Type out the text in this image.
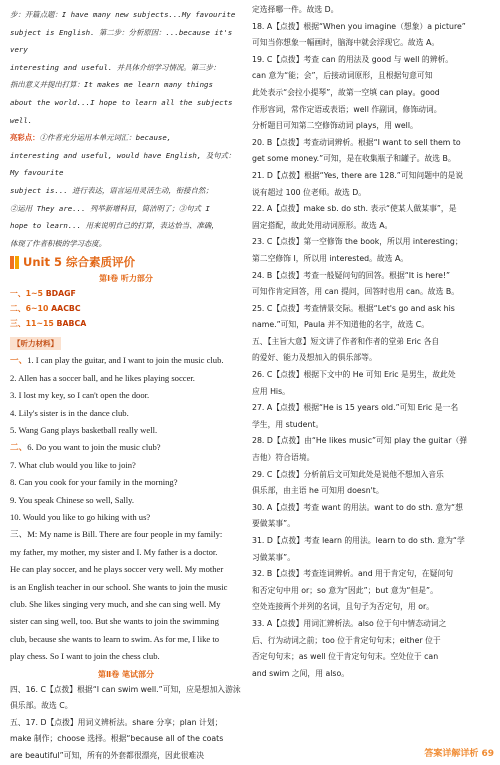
步：开篇点题：I have many new subjects...My favourite

subject is English. 第二步：分析原因：...because it's very

interesting and useful. 并具体介绍学习情况。第三步：

指出意义并提出打算：It makes me learn many things

about the world...I hope to learn all the subjects well.

亮彩点：①作者充分运用本单元词汇：because,

interesting and useful, would have English, 及句式：My favourite

subject is... 进行表达，语言运用灵活生动，衔接自然；

②运用 They are... 列举新增科目，简洁明了；③句式 I

hope to learn... 用来说明自己的打算，表达恰当、准确，

体现了作者积极的学习态度。

Unit 5 综合素质评价
第Ⅰ卷 听力部分
一、1~5 BDAGF
二、6~10 AACBC
三、11~15 BABCA
【听力材料】

一、1. I can play the guitar, and I want to join the music club.

2. Allen has a soccer ball, and he likes playing soccer.

3. I lost my key, so I can't open the door.

4. Lily's sister is in the dance club.

5. Wang Gang plays basketball really well.

二、6. Do you want to join the music club?

7. What club would you like to join?

8. Can you cook for your family in the morning?

9. You speak Chinese so well, Sally.

10. Would you like to go hiking with us?

三、M: My name is Bill. There are four people in my family:

my father, my mother, my sister and I. My father is a doctor.

He can play soccer, and he plays soccer very well. My mother

is an English teacher in our school. She wants to join the music

club. She likes singing very much, and she can sing well. My

sister can sing well, too. But she wants to join the swimming

club, because she wants to learn to swim. As for me, I like to

play chess. So I want to join the chess club.

第Ⅱ卷 笔试部分

四、16. C【点拨】根据“I can swim well.”可知，应是想加入游泳俱乐部。故选 C。

五、17. D【点拨】用词义辨析法。share 分享；plan 计划；

make 制作；choose 选择。根据“because all of the coats

are beautiful”可知，所有的外套都很漂亮，因此很难决

定选择哪一件。故选 D。

18. A【点拨】根据“When you imagine（想象）a picture”

可知当你想象一幅画时，脑海中就会浮现它。故选 A。

19. C【点拨】考查 can 的用法及 good 与 well 的辨析。

can 意为“能；会”，后接动词原形，且根据句意可知

此处表示“会拉小提琴”，故第一空填 can play。good

作形容词，常作定语或表语；well 作副词，修饰动词。

分析题目可知第二空修饰动词 plays，用 well。

20. B【点拨】考查动词辨析。根据“I want to sell them to

get some money.”可知，是在收集瓶子和罐子。故选 B。

21. D【点拨】根据“Yes, there are 128.”可知问题中的是说

说有超过 100 位老师。故选 D。

22. A【点拨】make sb. do sth. 表示“使某人做某事”，是

固定搭配，故此处用动词原形。故选 A。

23. C【点拨】第一空修饰 the book，所以用 interesting；

第二空修饰 I，所以用 interested。故选 A。

24. B【点拨】考查一般疑问句的回答。根据“It is here!”

可知作肯定回答，用 can 提问，回答时也用 can。故选 B。

25. C【点拨】考查情景交际。根据“Let's go and ask his

name.”可知，Paula 并不知道他的名字，故选 C。

五、【主旨大意】短文讲了作者和作者的堂弟 Eric 各自

的爱好、能力及想加入的俱乐部等。

26. C【点拨】根据下文中的 He 可知 Eric 是男生，故此处

应用 His。

27. A【点拨】根据“He is 15 years old.”可知 Eric 是一名

学生，用 student。

28. D【点拨】由“He likes music”可知 play the guitar（弹

吉他）符合语境。

29. C【点拨】分析前后文可知此处是说他不想加入音乐

俱乐部，由主语 he 可知用 doesn't。

30. A【点拨】考查 want 的用法。want to do sth. 意为“想

要做某事”。

31. D【点拨】考查 learn 的用法。learn to do sth. 意为“学

习做某事”。

32. B【点拨】考查连词辨析。and 用于肯定句，在疑问句

和否定句中用 or；so 意为“因此”；but 意为“但是”。

空处连接两个并列的名词，且句子为否定句，用 or。

33. A【点拨】用词汇辨析法。also 位于句中情态动词之

后、行为动词之前；too 位于肯定句句末；either 位于

否定句句末；as well 位于肯定句句末。空处位于 can

and swim 之间，用 also。

答案详解详析 69
